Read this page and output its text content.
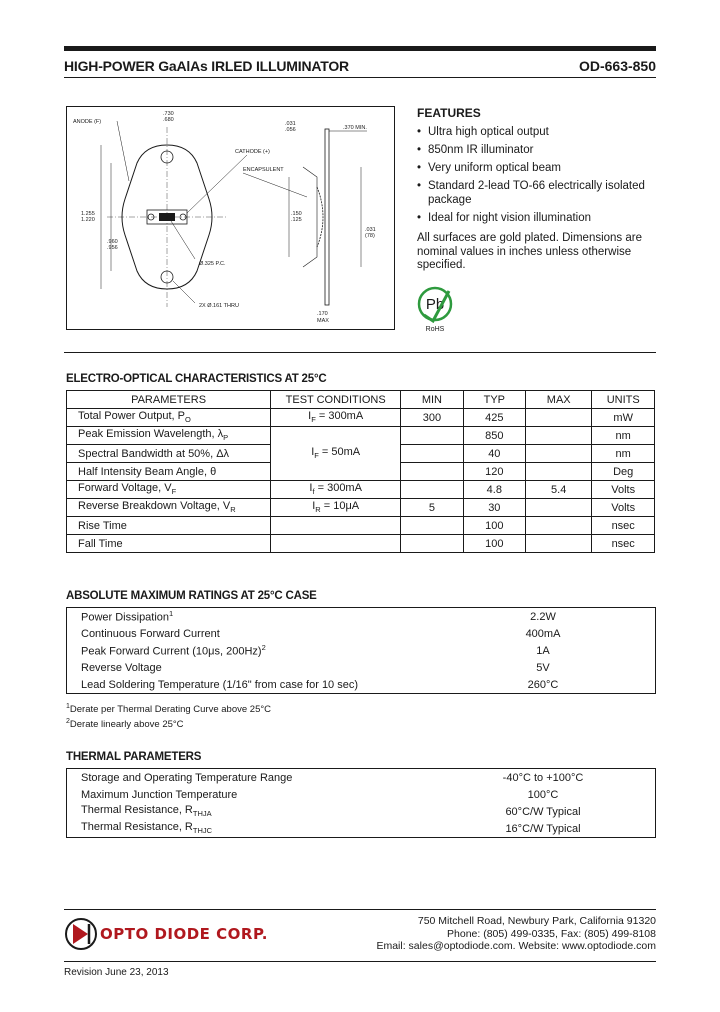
HIGH-POWER GaAlAs IRLED ILLUMINATOR	OD-663-850
ANODE (F)
CATHODE (+)
ENCAPSULENT
.730
.680
.031
.056	.370 MIN.
1.255
1.220
.960
.956
.150
.125
.031
(78)
Ø.325 P.C.
2X Ø.161 THRU
.170
MAX
FEATURES
• Ultra high optical output
• 850nm IR illuminator
• Very uniform optical beam
• Standard 2-lead TO-66 electrically isolated package
• Ideal for night vision illumination
All surfaces are gold plated. Dimensions are nominal values in inches unless otherwise specified.
Pb
RoHS
ELECTRO-OPTICAL CHARACTERISTICS AT 25°C
PARAMETERS	TEST CONDITIONS	MIN	TYP	MAX	UNITS
Total Power Output, $P_O$	$I_F = 300mA$	300	425		mW
Peak Emission Wavelength, $\lambda_P$			850		nm
Spectral Bandwidth at 50%, Δλ	$I_F = 50mA$		40		nm
Half Intensity Beam Angle, θ			120		Deg
Forward Voltage, $V_F$	$I_f = 300mA$		4.8	5.4	Volts
Reverse Breakdown Voltage, $V_R$	$I_R = 10\mu A$	5	30		Volts
Rise Time			100		nsec
Fall Time			100		nsec
ABSOLUTE MAXIMUM RATINGS AT 25°C CASE
Power Dissipation$^1$	2.2W
Continuous Forward Current	400mA
Peak Forward Current (10μs, 200Hz)$^2$	1A
Reverse Voltage	5V
Lead Soldering Temperature (1/16" from case for 10 sec)	260°C
$^1$Derate per Thermal Derating Curve above 25°C
$^2$Derate linearly above 25°C
THERMAL PARAMETERS
Storage and Operating Temperature Range	-40°C to +100°C
Maximum Junction Temperature	100°C
Thermal Resistance, $R_{THJA}$	60°C/W Typical
Thermal Resistance, $R_{THJC}$	16°C/W Typical
OPTO DIODE CORP.
750 Mitchell Road, Newbury Park, California 91320
Phone: (805) 499-0335, Fax: (805) 499-8108
Email: sales@optodiode.com. Website: www.optodiode.com
Revision June 23, 2013
